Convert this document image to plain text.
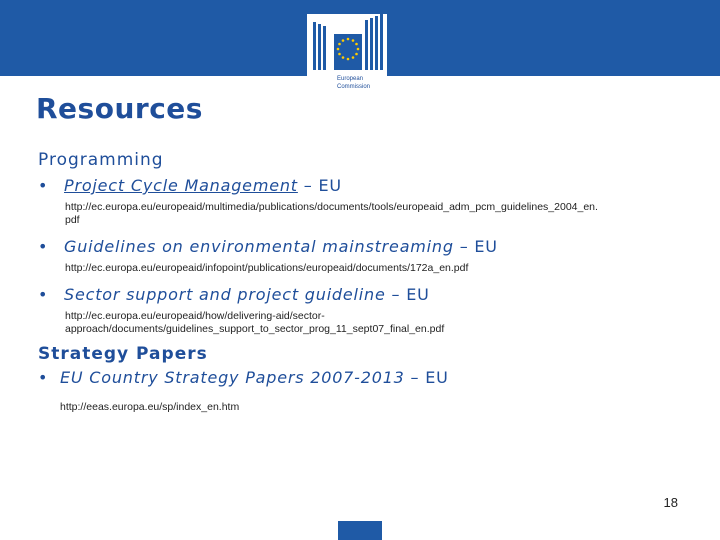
European
Commission
Resources
Programming
• Project Cycle Management – EU
http://ec.europa.eu/europeaid/multimedia/publications/documents/tools/europeaid_adm_pcm_guidelines_2004_en.
pdf
• Guidelines on environmental mainstreaming – EU
http://ec.europa.eu/europeaid/infopoint/publications/europeaid/documents/172a_en.pdf
• Sector support and project guideline – EU
http://ec.europa.eu/europeaid/how/delivering-aid/sector-
approach/documents/guidelines_support_to_sector_prog_11_sept07_final_en.pdf
Strategy Papers
• EU Country Strategy Papers 2007-2013 – EU
http://eeas.europa.eu/sp/index_en.htm
18
